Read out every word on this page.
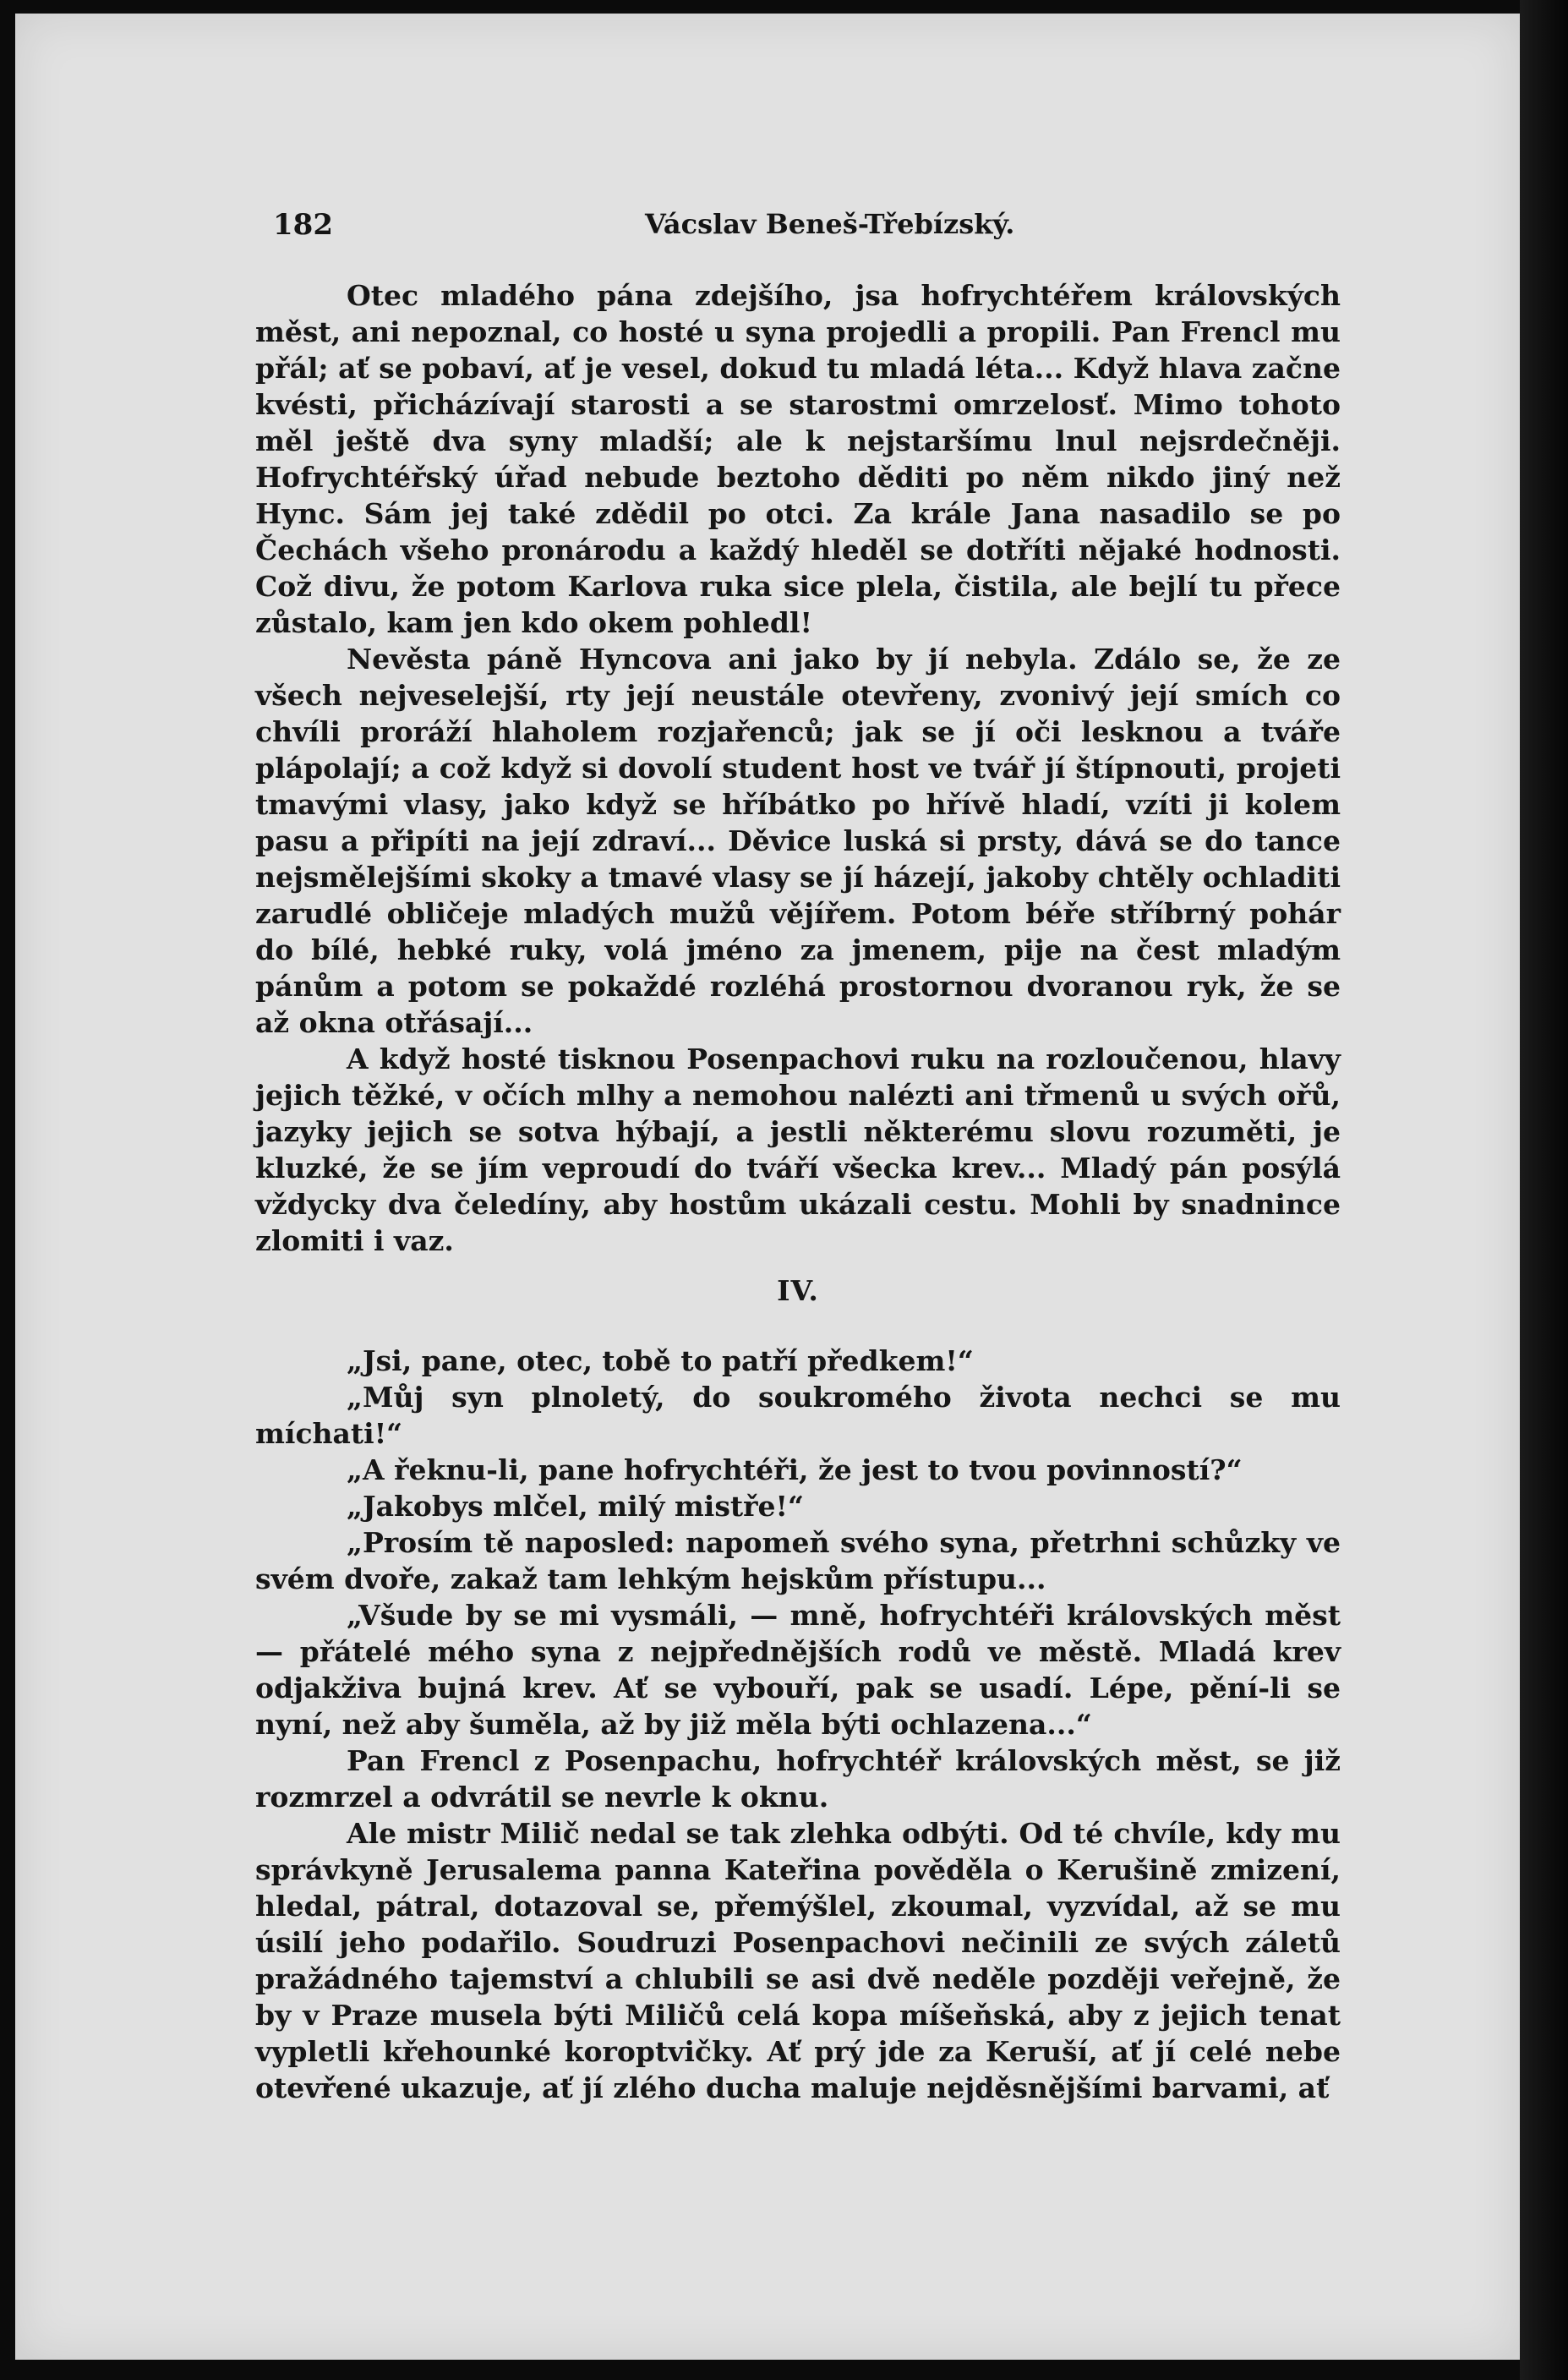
182	Vácslav Beneš-Třebízský.

Otec mladého pána zdejšího, jsa hofrychtéřem královských měst, ani nepoznal, co hosté u syna projedli a propili. Pan Frencl mu přál; ať se pobaví, ať je vesel, dokud tu mladá léta... Když hlava začne kvésti, přicházívají starosti a se starostmi omrzelosť. Mimo tohoto měl ještě dva syny mladší; ale k nejstaršímu lnul nejsrdečněji. Hofrychtéřský úřad nebude beztoho děditi po něm nikdo jiný než Hync. Sám jej také zdědil po otci. Za krále Jana nasadilo se po Čechách všeho pronárodu a každý hleděl se dotříti nějaké hodnosti. Což divu, že potom Karlova ruka sice plela, čistila, ale bejlí tu přece zůstalo, kam jen kdo okem pohledl!

Nevěsta páně Hyncova ani jako by jí nebyla. Zdálo se, že ze všech nejveselejší, rty její neustále otevřeny, zvonivý její smích co chvíli proráží hlaholem rozjařenců; jak se jí oči lesknou a tváře plápolají; a což když si dovolí student host ve tvář jí štípnouti, projeti tmavými vlasy, jako když se hříbátko po hřívě hladí, vzíti ji kolem pasu a připíti na její zdraví... Děvice luská si prsty, dává se do tance nejsmělejšími skoky a tmavé vlasy se jí házejí, jakoby chtěly ochladiti zarudlé obličeje mladých mužů vějířem. Potom béře stříbrný pohár do bílé, hebké ruky, volá jméno za jmenem, pije na čest mladým pánům a potom se pokaždé rozléhá prostornou dvoranou ryk, že se až okna otřásají...

A když hosté tisknou Posenpachovi ruku na rozloučenou, hlavy jejich těžké, v očích mlhy a nemohou nalézti ani třmenů u svých ořů, jazyky jejich se sotva hýbají, a jestli některému slovu rozuměti, je kluzké, že se jím veproudí do tváří všecka krev... Mladý pán posýlá vždycky dva čeledíny, aby hostům ukázali cestu. Mohli by snadnince zlomiti i vaz.

IV.

„Jsi, pane, otec, tobě to patří předkem!“

„Můj syn plnoletý, do soukromého života nechci se mu míchati!“

„A řeknu-li, pane hofrychtéři, že jest to tvou povinností?“

„Jakobys mlčel, milý mistře!“

„Prosím tě naposled: napomeň svého syna, přetrhni schůzky ve svém dvoře, zakaž tam lehkým hejskům přístupu...

„Všude by se mi vysmáli, — mně, hofrychtéři královských měst — přátelé mého syna z nejpřednějších rodů ve městě. Mladá krev odjakživa bujná krev. Ať se vybouří, pak se usadí. Lépe, pění-li se nyní, než aby šuměla, až by již měla býti ochlazena...“

Pan Frencl z Posenpachu, hofrychtéř královských měst, se již rozmrzel a odvrátil se nevrle k oknu.

Ale mistr Milič nedal se tak zlehka odbýti. Od té chvíle, kdy mu správkyně Jerusalema panna Kateřina pověděla o Kerušině zmizení, hledal, pátral, dotazoval se, přemýšlel, zkoumal, vyzvídal, až se mu úsilí jeho podařilo. Soudruzi Posenpachovi nečinili ze svých záletů pražádného tajemství a chlubili se asi dvě neděle později veřejně, že by v Praze musela býti Miličů celá kopa míšeňská, aby z jejich tenat vypletli křehounké koroptvičky. Ať prý jde za Keruší, ať jí celé nebe otevřené ukazuje, ať jí zlého ducha maluje nejděsnějšími barvami, ať
